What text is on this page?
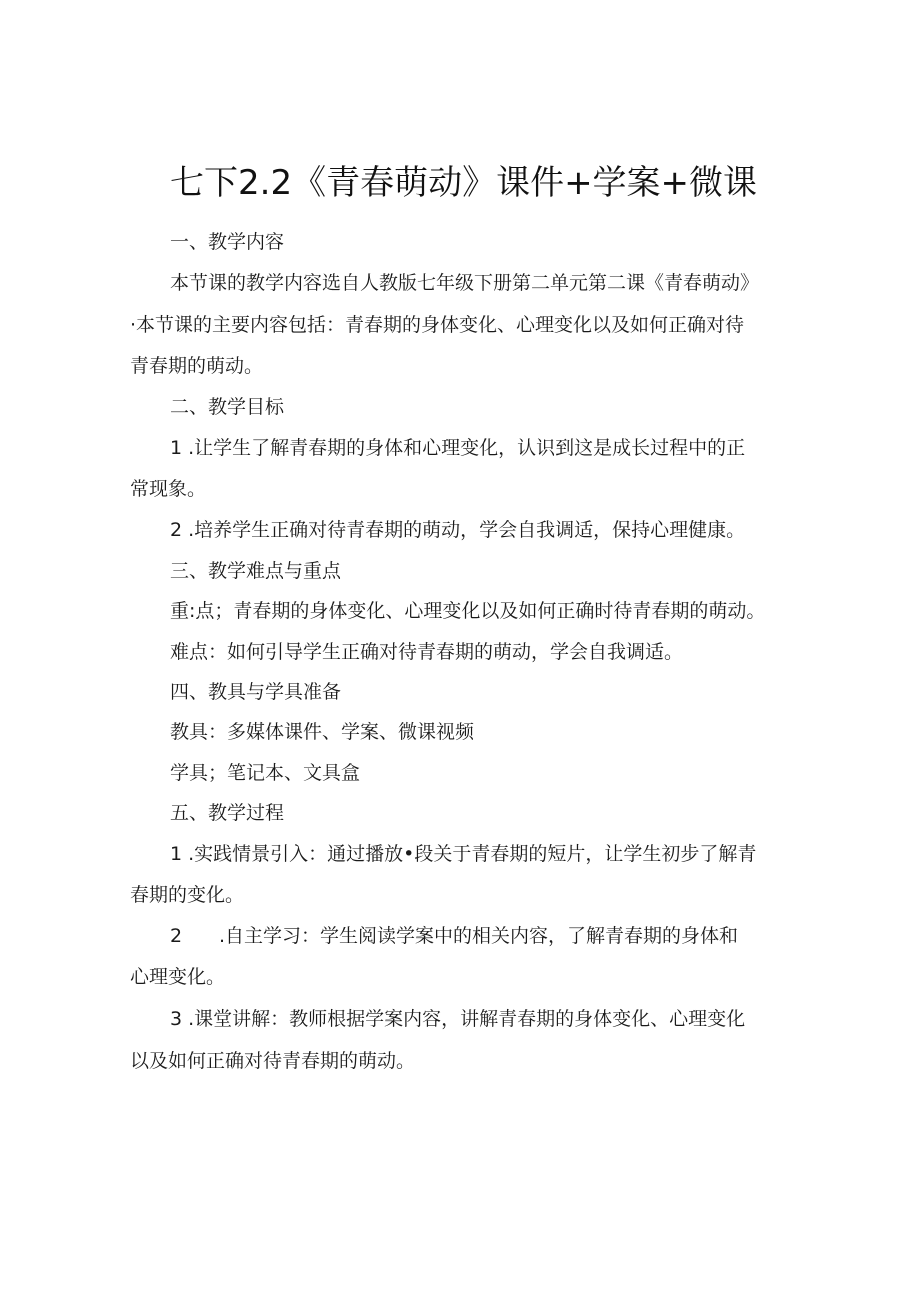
七下2.2《青春萌动》课件+学案+微课
一、教学内容
本节课的教学内容选自人教版七年级下册第二单元第二课《青春萌动》
·本节课的主要内容包括：青春期的身体变化、心理变化以及如何正确对待
青春期的萌动。
二、教学目标
1 .让学生了解青春期的身体和心理变化，认识到这是成长过程中的正
常现象。
2 .培养学生正确对待青春期的萌动，学会自我调适，保持心理健康。
三、教学难点与重点
重:点；青春期的身体变化、心理变化以及如何正确时待青春期的萌动。
难点：如何引导学生正确对待青春期的萌动，学会自我调适。
四、教具与学具准备
教具：多媒体课件、学案、微课视频
学具；笔记本、文具盒
五、教学过程
1 .实践情景引入：通过播放•段关于青春期的短片，让学生初步了解青
春期的变化。
2 .自主学习：学生阅读学案中的相关内容，了解青春期的身体和
心理变化。
3 .课堂讲解：教师根据学案内容，讲解青春期的身体变化、心理变化
以及如何正确对待青春期的萌动。
